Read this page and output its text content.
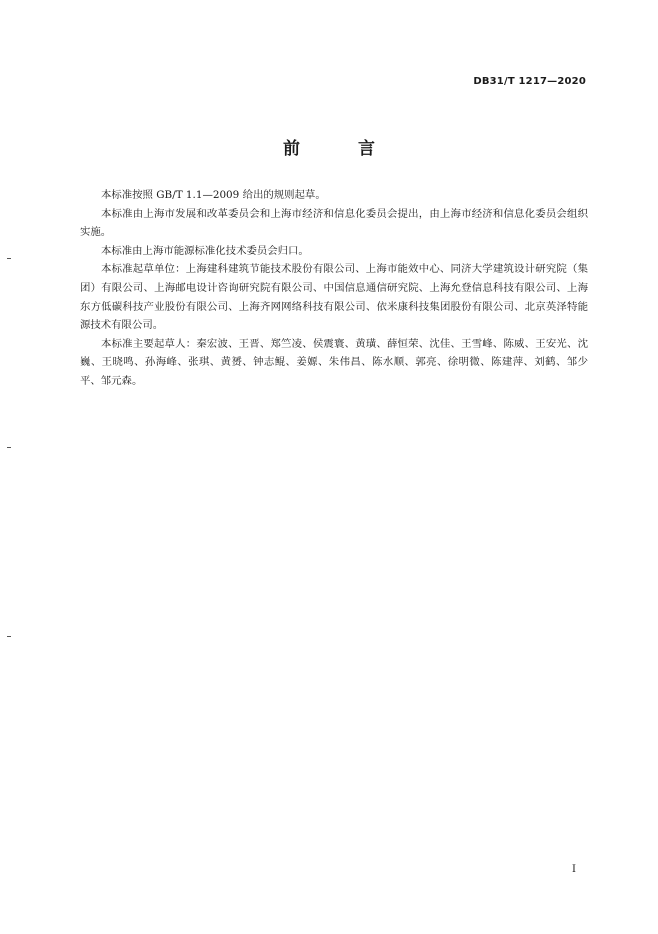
DB31/T 1217—2020
前 言

本标准按照 GB/T 1.1—2009 给出的规则起草。

本标准由上海市发展和改革委员会和上海市经济和信息化委员会提出，由上海市经济和信息化委员会组织实施。

本标准由上海市能源标准化技术委员会归口。

本标准起草单位：上海建科建筑节能技术股份有限公司、上海市能效中心、同济大学建筑设计研究院（集团）有限公司、上海邮电设计咨询研究院有限公司、中国信息通信研究院、上海允登信息科技有限公司、上海东方低碳科技产业股份有限公司、上海齐网网络科技有限公司、依米康科技集团股份有限公司、北京英泽特能源技术有限公司。

本标准主要起草人：秦宏波、王晋、郑竺凌、侯震寰、黄璜、薛恒荣、沈佳、王雪峰、陈威、王安光、沈巍、王晓鸣、孙海峰、张琪、黄赟、钟志鲲、姜嫄、朱伟昌、陈水顺、郭亮、徐明微、陈建萍、刘鹤、邹少平、邹元森。

I
